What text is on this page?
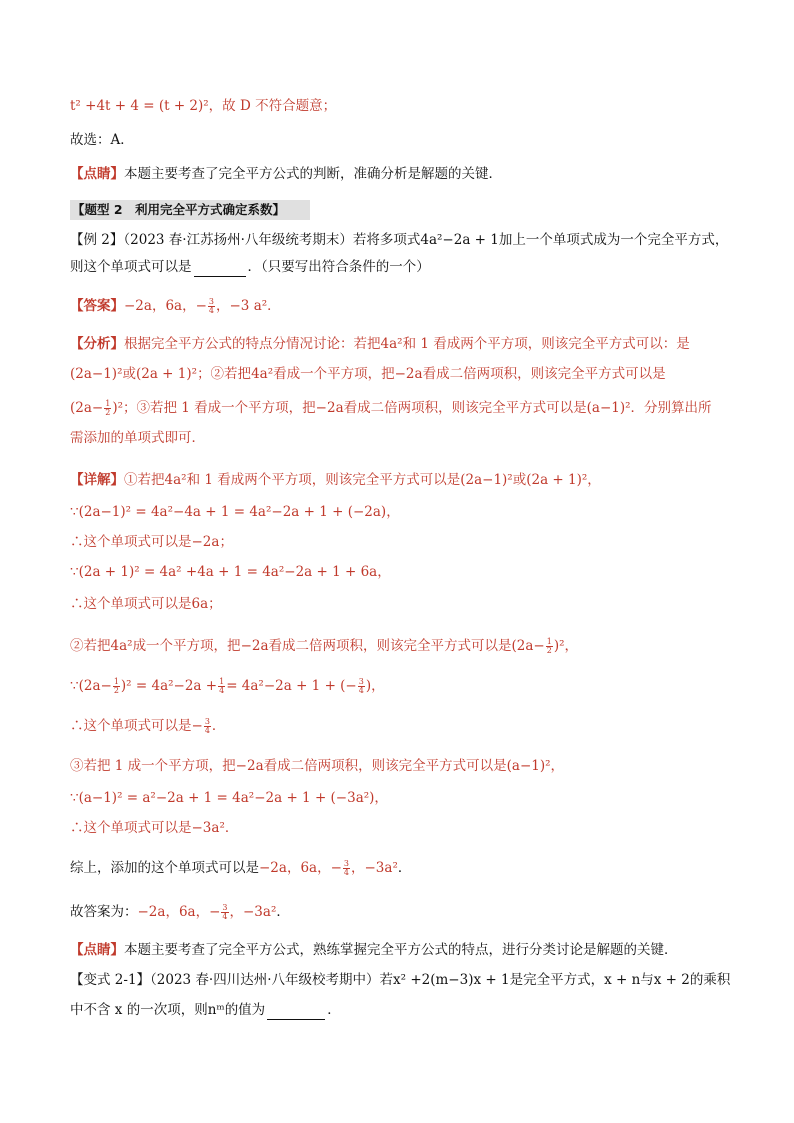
t² +4t + 4 = (t + 2)²，故 D 不符合题意；
故选：A．
【点睛】本题主要考查了完全平方公式的判断，准确分析是解题的关键．
【题型 2　利用完全平方式确定系数】
【例 2】（2023 春·江苏扬州·八年级统考期末）若将多项式4a²−2a + 1加上一个单项式成为一个完全平方式，
则这个单项式可以是	．（只要写出符合条件的一个）
【答案】−2a，6a，− $\frac{3}{4}$ ，−3 a²．
【分析】根据完全平方公式的特点分情况讨论：若把4a²和 1 看成两个平方项，则该完全平方式可以：是
(2a−1)²或(2a + 1)²；②若把4a²看成一个平方项，把−2a看成二倍两项积，则该完全平方式可以是
$(2a- \frac{1}{2} )^2$；③若把 1 看成一个平方项，把−2a看成二倍两项积，则该完全平方式可以是(a−1)²．分别算出所
需添加的单项式即可．
【详解】①若把4a²和 1 看成两个平方项，则该完全平方式可以是(2a−1)²或(2a + 1)²，
∵(2a−1)² = 4a²−4a + 1 = 4a²−2a + 1 + (−2a)，
∴这个单项式可以是−2a；
∵(2a + 1)² = 4a² +4a + 1 = 4a²−2a + 1 + 6a，
∴这个单项式可以是6a；
②若把4a²成一个平方项，把−2a看成二倍两项积，则该完全平方式可以是$(2a- \frac{1}{2} )^2$，
∵(2a− $\frac{1}{2} )^2 = 4a^2-2a + \frac{1}{4} = 4a^2-2a + 1$ + (− $\frac{3}{4}$ )，
∴这个单项式可以是− $\frac{3}{4}$ ．
③若把 1 成一个平方项，把−2a看成二倍两项积，则该完全平方式可以是(a−1)²，
∵(a−1)² = a²−2a + 1 = 4a²−2a + 1 + (−3a²)，
∴这个单项式可以是−3a²．
综上，添加的这个单项式可以是−2a，6a，− $\frac{3}{4}$ ，−3a²．
故答案为：−2a，6a，− $\frac{3}{4}$ ，−3a²．
【点睛】本题主要考查了完全平方公式，熟练掌握完全平方公式的特点，进行分类讨论是解题的关键．
【变式 2-1】（2023 春·四川达州·八年级校考期中）若x² +2(m−3)x + 1是完全平方式，x + n与x + 2的乘积
中不含 x 的一次项，则nᵐ的值为	．
